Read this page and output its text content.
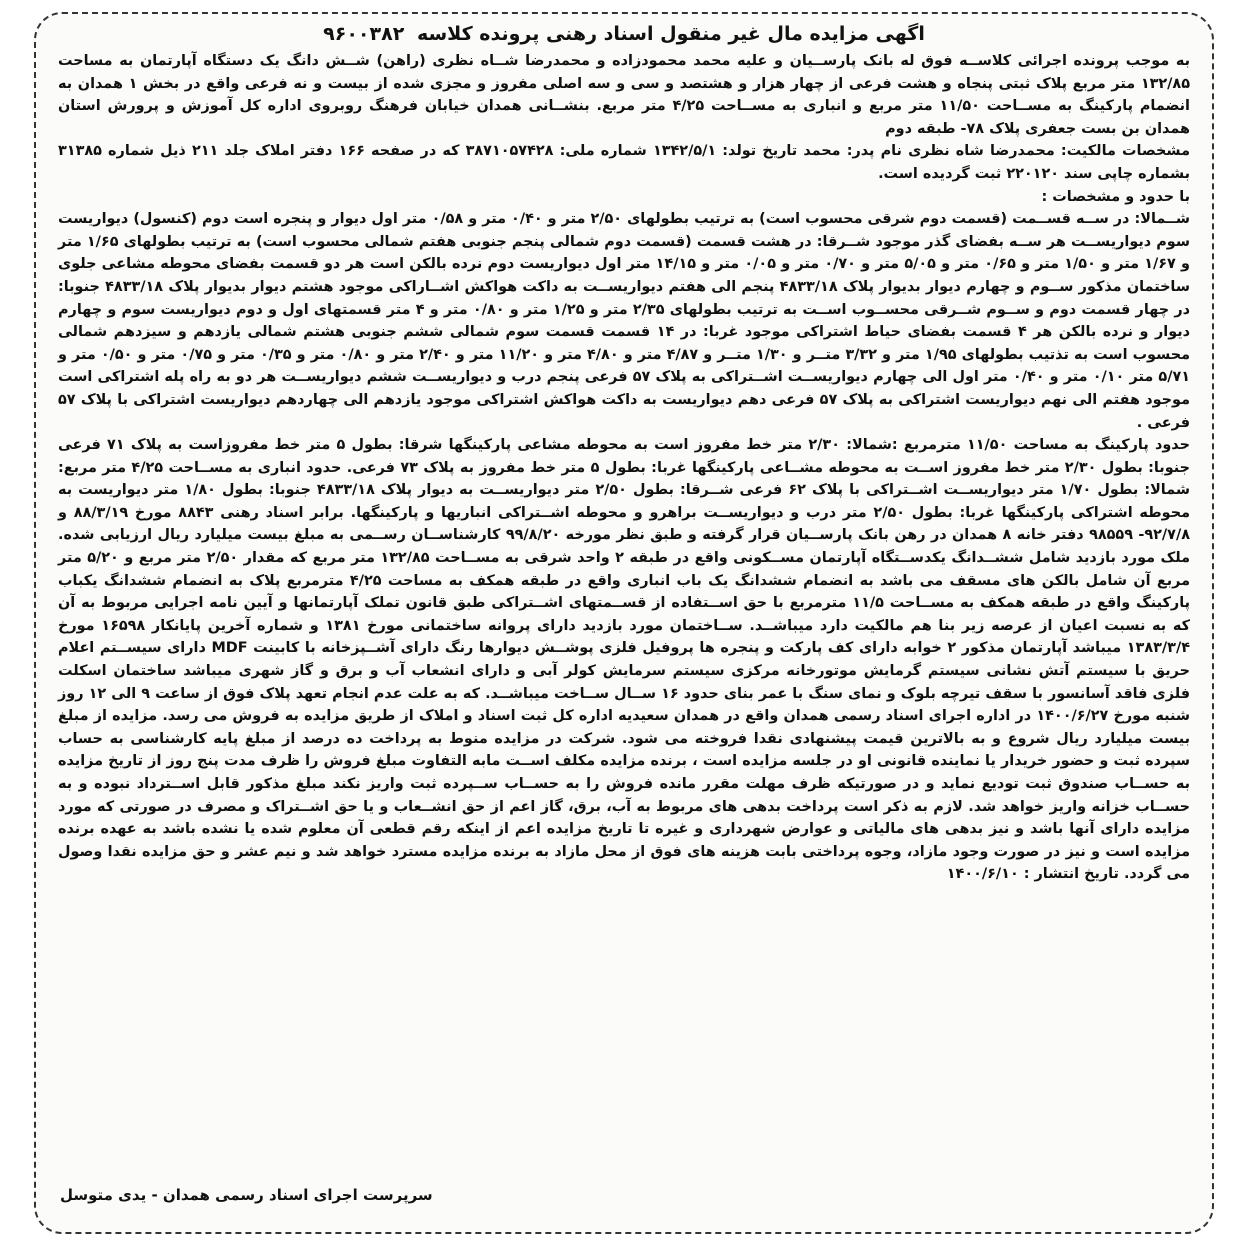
اگهی مزایده مال غیر منقول اسناد رهنی پرونده کلاسه ۹۶۰۰۳۸۲

به موجب پرونده اجرائی کلاســه فوق له بانک پارســیان و علیه محمد محمودزاده و محمدرضا شــاه نظری (راهن) شــش دانگ یک دستگاه آپارتمان به مساحت ۱۳۲/۸۵ متر مربع پلاک ثبتی پنجاه و هشت فرعی از چهار هزار و هشتصد و سی و سه اصلی مفروز و مجزی شده از بیست و نه فرعی واقع در بخش ۱ همدان به انضمام پارکینگ به مســاحت ۱۱/۵۰ متر مربع و انباری به مســاحت ۴/۲۵ متر مربع. بنشــانی همدان خیابان فرهنگ روبروی اداره کل آموزش و پرورش استان همدان بن بست جعفری پلاک ۷۸- طبقه دوم

مشخصات مالکیت: محمدرضا شاه نظری نام پدر: محمد تاریخ تولد: ۱۳۴۲/۵/۱ شماره ملی: ۳۸۷۱۰۵۷۴۲۸ که در صفحه ۱۶۶ دفتر املاک جلد ۲۱۱ ذیل شماره ۳۱۳۸۵ بشماره چاپی سند ۲۲۰۱۲۰ ثبت گردیده است.

با حدود و مشخصات :

شــمالا: در ســه قســمت (قسمت دوم شرقی محسوب است) به ترتیب بطولهای ۲/۵۰ متر و ۰/۴۰ متر و ۰/۵۸ متر اول دیوار و پنجره است دوم (کنسول) دیواریست سوم دیواریســت هر ســه بفضای گذر موجود شــرقا: در هشت قسمت (قسمت دوم شمالی پنجم جنوبی هفتم شمالی محسوب است) به ترتیب بطولهای ۱/۶۵ متر و ۱/۶۷ متر و ۱/۵۰ متر و ۰/۶۵ متر و ۵/۰۵ متر و ۰/۷۰ متر و ۰/۰۵ متر و ۱۴/۱۵ متر اول دیواریست دوم نرده بالکن است هر دو قسمت بفضای محوطه مشاعی جلوی ساختمان مذکور ســوم و چهارم دیوار بدیوار پلاک ۴۸۳۳/۱۸ پنجم الی هفتم دیواریســت به داکت هواکش اشــاراکی موجود هشتم دیوار بدیوار پلاک ۴۸۳۳/۱۸ جنوبا: در چهار قسمت دوم و ســوم شــرقی محســوب اســت به ترتیب بطولهای ۲/۳۵ متر و ۱/۲۵ متر و ۰/۸۰ متر و ۴ متر قسمتهای اول و دوم دیواریست سوم و چهارم دیوار و نرده بالکن هر ۴ قسمت بفضای حیاط اشتراکی موجود غربا: در ۱۴ قسمت قسمت سوم شمالی ششم جنوبی هشتم شمالی یازدهم و سیزدهم شمالی محسوب است به تذتیب بطولهای ۱/۹۵ متر و ۳/۳۲ متــر و ۱/۳۰ متــر و ۴/۸۷ متر و ۴/۸۰ متر و ۱۱/۲۰ متر و ۲/۴۰ متر و ۰/۸۰ متر و ۰/۳۵ متر و ۰/۷۵ متر و ۰/۵۰ متر و ۵/۷۱ متر ۰/۱۰ متر و ۰/۴۰ متر اول الی چهارم دیواریســت اشــتراکی به پلاک ۵۷ فرعی پنجم درب و دیواریســت ششم دیواریســت هر دو به راه پله اشتراکی است موجود هفتم الی نهم دیواریست اشتراکی به پلاک ۵۷ فرعی دهم دیواریست به داکت هواکش اشتراکی موجود یازدهم الی چهاردهم دیواریست اشتراکی با پلاک ۵۷ فرعی .

حدود پارکینگ به مساحت ۱۱/۵۰ مترمربع :شمالا: ۲/۳۰ متر خط مفروز است به محوطه مشاعی پارکینگها شرقا: بطول ۵ متر خط مفروزاست به پلاک ۷۱ فرعی جنوبا: بطول ۲/۳۰ متر خط مفروز اســت به محوطه مشــاعی پارکینگها غربا: بطول ۵ متر خط مفروز به پلاک ۷۳ فرعی. حدود انباری به مســاحت ۴/۲۵ متر مربع: شمالا: بطول ۱/۷۰ متر دیواریســت اشــتراکی با پلاک ۶۲ فرعی شــرقا: بطول ۲/۵۰ متر دیواریســت به دیوار پلاک ۴۸۳۳/۱۸ جنوبا: بطول ۱/۸۰ متر دیواریست به محوطه اشتراکی پارکینگها غربا: بطول ۲/۵۰ متر درب و دیواریســت براهرو و محوطه اشــتراکی انباریها و پارکینگها. برابر اسناد رهنی ۸۸۴۳ مورخ ۸۸/۳/۱۹ و ۹۲/۷/۸- ۹۸۵۵۹ دفتر خانه ۸ همدان در رهن بانک پارســیان قرار گرفته و طبق نظر مورخه ۹۹/۸/۲۰ کارشناســان رســمی به مبلغ بیست میلیارد ریال ارزیابی شده. ملک مورد بازدید شامل ششــدانگ یکدســتگاه آپارتمان مســکونی واقع در طبقه ۲ واحد شرقی به مســاحت ۱۳۲/۸۵ متر مربع که مقدار ۲/۵۰ متر مربع و ۵/۲۰ متر مربع آن شامل بالکن های مسقف می باشد به انضمام ششدانگ یک باب انباری واقع در طبقه همکف به مساحت ۴/۲۵ مترمربع پلاک به انضمام ششدانگ یکباب پارکینگ واقع در طبقه همکف به مســاحت ۱۱/۵ مترمربع با حق اســتفاده از قســمتهای اشــتراکی طبق قانون تملک آپارتمانها و آیین نامه اجرایی مربوط به آن که به نسبت اعیان از عرصه زیر بنا هم مالکیت دارد میباشــد. ســاختمان مورد بازدید دارای پروانه ساختمانی مورخ ۱۳۸۱ و شماره آخرین پایانکار ۱۶۵۹۸ مورخ ۱۳۸۳/۳/۴ میباشد آپارتمان مذکور ۲ خوابه دارای کف پارکت و پنجره ها پروفیل فلزی پوشــش دیوارها رنگ دارای آشــپزخانه با کابینت MDF دارای سیســتم اعلام حریق با سیستم آتش نشانی سیستم گرمایش موتورخانه مرکزی سیستم سرمایش کولر آبی و دارای انشعاب آب و برق و گاز شهری میباشد ساختمان اسکلت فلزی فاقد آسانسور با سقف تیرچه بلوک و نمای سنگ با عمر بنای حدود ۱۶ ســال ســاخت میباشــد. که به علت عدم انجام تعهد پلاک فوق از ساعت ۹ الی ۱۲ روز شنبه مورخ ۱۴۰۰/۶/۲۷ در اداره اجرای اسناد رسمی همدان واقع در همدان سعیدیه اداره کل ثبت اسناد و املاک از طریق مزایده به فروش می رسد. مزایده از مبلغ بیست میلیارد ریال شروع و به بالاترین قیمت پیشنهادی نقدا فروخته می شود. شرکت در مزایده منوط به پرداخت ده درصد از مبلغ پایه کارشناسی به حساب سپرده ثبت و حضور خریدار یا نماینده قانونی او در جلسه مزایده است ، برنده مزایده مکلف اســت مابه التفاوت مبلغ فروش را ظرف مدت پنج روز از تاریخ مزایده به حســاب صندوق ثبت تودیع نماید و در صورتیکه ظرف مهلت مقرر مانده فروش را به حســاب ســپرده ثبت واریز نکند مبلغ مذکور قابل اســترداد نبوده و به حســاب خزانه واریز خواهد شد. لازم به ذکر است پرداخت بدهی های مربوط به آب، برق، گاز اعم از حق انشــعاب و یا حق اشــتراک و مصرف در صورتی که مورد مزایده دارای آنها باشد و نیز بدهی های مالیاتی و عوارض شهرداری و غیره تا تاریخ مزایده اعم از اینکه رقم قطعی آن معلوم شده یا نشده باشد به عهده برنده مزایده است و نیز در صورت وجود مازاد، وجوه پرداختی بابت هزینه های فوق از محل مازاد به برنده مزایده مسترد خواهد شد و نیم عشر و حق مزایده نقدا وصول می گردد. تاریخ انتشار : ۱۴۰۰/۶/۱۰

سرپرست اجرای اسناد رسمی همدان - یدی متوسل
